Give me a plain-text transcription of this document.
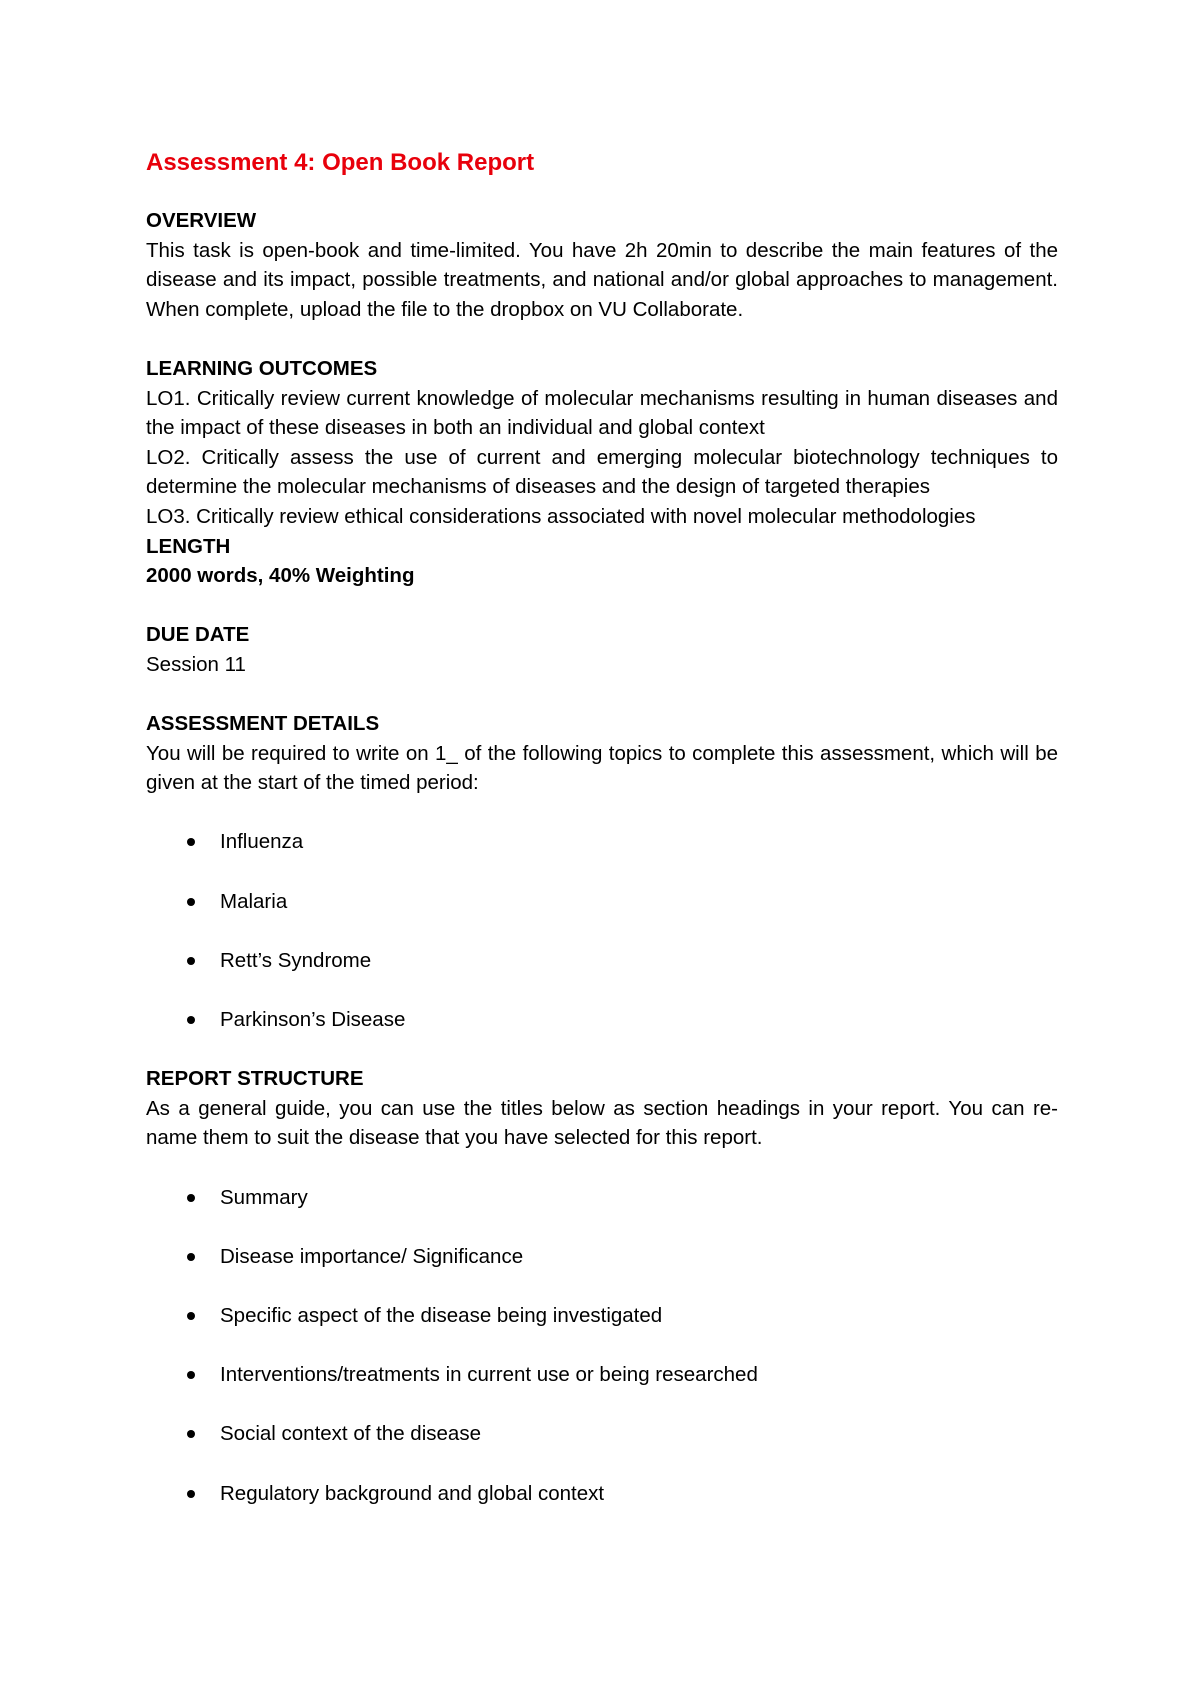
Assessment 4: Open Book Report
OVERVIEW

This task is open-book and time-limited. You have 2h 20min to describe the main features of the disease and its impact, possible treatments, and national and/or global approaches to management. When complete, upload the file to the dropbox on VU Collaborate.

LEARNING OUTCOMES

LO1. Critically review current knowledge of molecular mechanisms resulting in human diseases and the impact of these diseases in both an individual and global context

LO2. Critically assess the use of current and emerging molecular biotechnology techniques to determine the molecular mechanisms of diseases and the design of targeted therapies

LO3. Critically review ethical considerations associated with novel molecular methodologies

LENGTH
2000 words, 40% Weighting
DUE DATE
Session 11
ASSESSMENT DETAILS

You will be required to write on 1_ of the following topics to complete this assessment, which will be given at the start of the timed period:

Influenza
Malaria
Rett’s Syndrome
Parkinson’s Disease
REPORT STRUCTURE

As a general guide, you can use the titles below as section headings in your report. You can re-name them to suit the disease that you have selected for this report.

Summary
Disease importance/ Significance
Specific aspect of the disease being investigated
Interventions/treatments in current use or being researched
Social context of the disease
Regulatory background and global context
